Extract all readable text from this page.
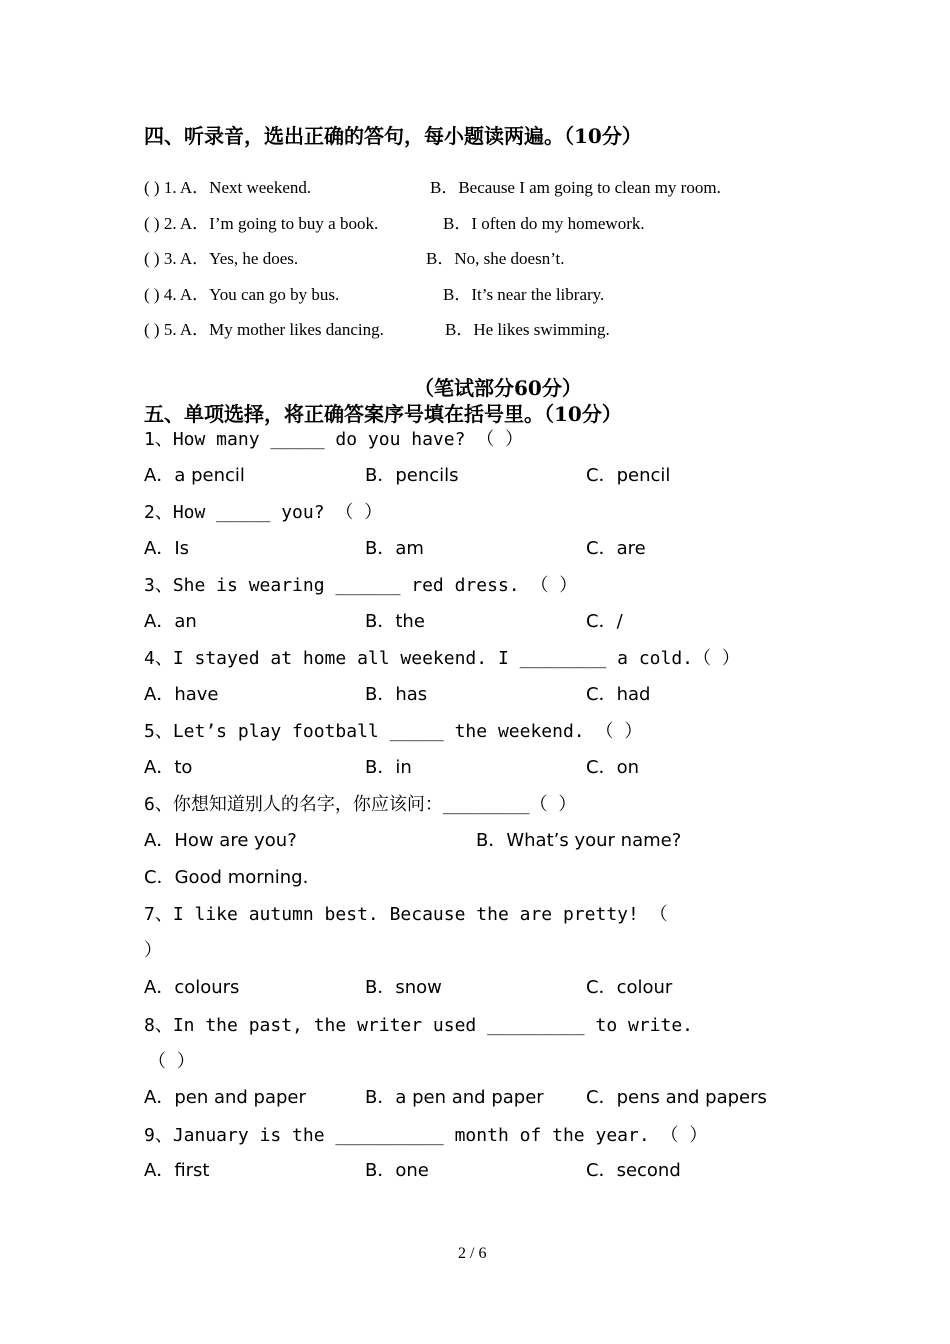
四、听录音，选出正确的答句，每小题读两遍。（10分）
( ) 1. A．Next weekend.	B．Because I am going to clean my room.
( ) 2. A．I’m going to buy a book.	B．I often do my homework.
( ) 3. A．Yes, he does.	B．No, she doesn’t.
( ) 4. A．You can go by bus.	B．It’s near the library.
( ) 5. A．My mother likes dancing.	B．He likes swimming.
（笔试部分60分）
五、单项选择，将正确答案序号填在括号里。（10分）
1、How many _____ do you have? （ ）
A．a pencil	B．pencils	C．pencil
2、How _____ you? （ ）
A．Is	B．am	C．are
3、She is wearing ______ red dress. （ ）
A．an	B．the	C．/
4、I stayed at home all weekend. I ________ a cold.（ ）
A．have	B．has	C．had
5、Let’s play football _____ the weekend. （ ）
A．to	B．in	C．on
6、你想知道别人的名字，你应该问：________（ ）
A．How are you?	B．What’s your name?
C．Good morning.
7、I like autumn best. Because the are pretty! （
）
A．colours	B．snow	C．colour
8、In the past, the writer used _________ to write.
（ ）
A．pen and paper	B．a pen and paper C．pens and papers
9、January is the __________ month of the year. （ ）
A．first	B．one	C．second
2 / 6
